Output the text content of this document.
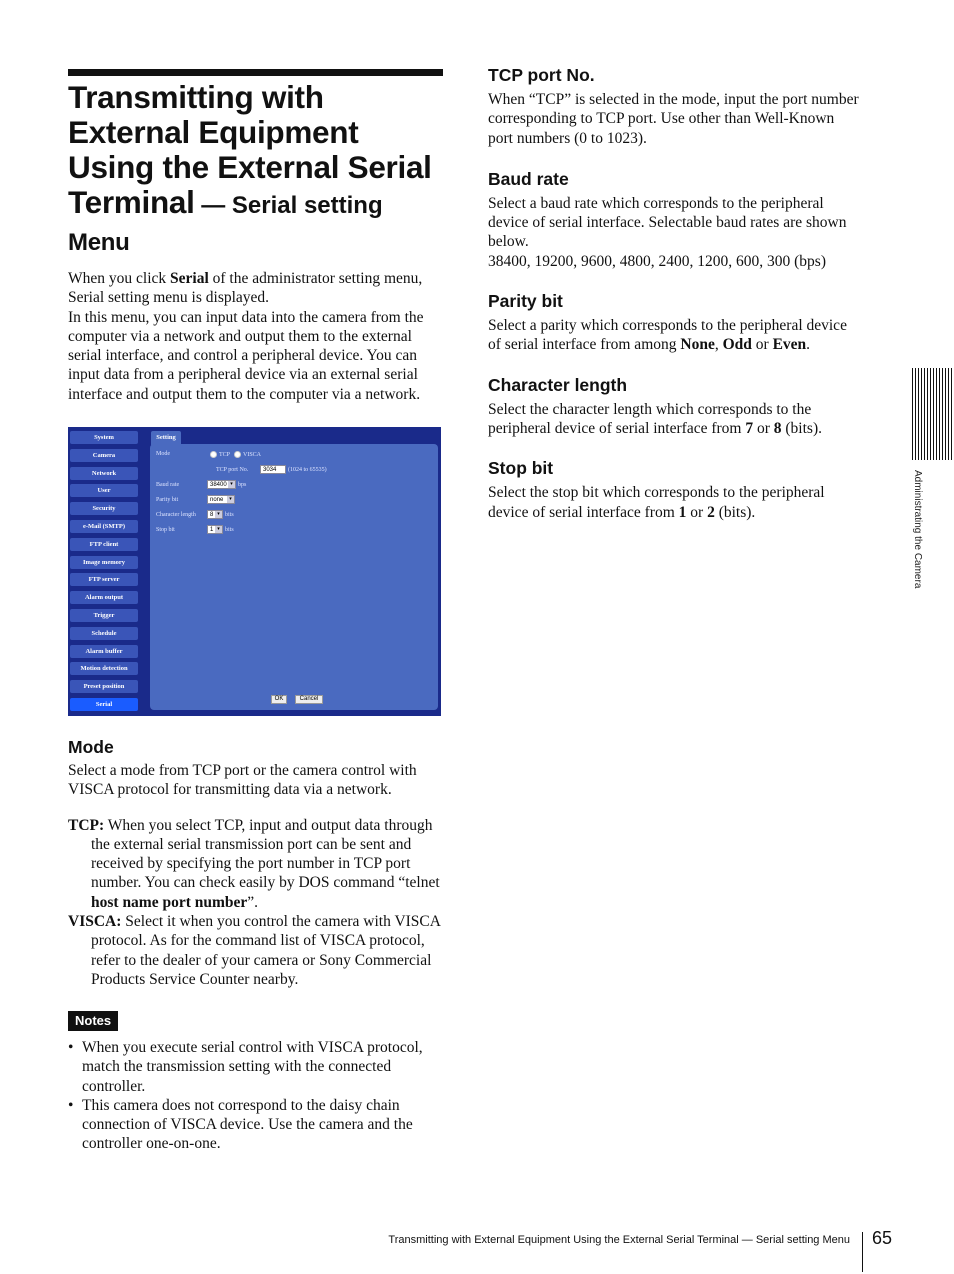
Transmitting with
External Equipment
Using the External Serial
Terminal — Serial setting
Menu

When you click Serial of the administrator setting menu, Serial setting menu is displayed.

In this menu, you can input data into the camera from the computer via a network and output them to the external serial interface, and control a peripheral device. You can input data from a peripheral device via an external serial interface and output them to the computer via a network.

System
Camera
Network
User
Security
e-Mail (SMTP)
FTP client
Image memory
FTP server
Alarm output
Trigger
Schedule
Alarm buffer
Motion detection
Preset position
Serial
Setting
Mode	TCP	VISCA
TCP port No.	3034	(1024 to 65535)
Baud rate	38400 ▾ bps
Parity bit	none	▾
Character length	8 ▾ bits
Stop bit	1 ▾ bits
OK	Cancel
Mode

Select a mode from TCP port or the camera control with VISCA protocol for transmitting data via a network.

TCP: When you select TCP, input and output data through the external serial transmission port can be sent and received by specifying the port number in TCP port number. You can check easily by DOS command “telnet host name port number”.

VISCA: Select it when you control the camera with VISCA protocol. As for the command list of VISCA protocol, refer to the dealer of your camera or Sony Commercial Products Service Counter nearby.

Notes
• When you execute serial control with VISCA protocol, match the transmission setting with the connected controller.
• This camera does not correspond to the daisy chain connection of VISCA device. Use the camera and the controller one-on-one.
TCP port No.

When “TCP” is selected in the mode, input the port number corresponding to TCP port. Use other than Well-Known port numbers (0 to 1023).

Baud rate

Select a baud rate which corresponds to the peripheral device of serial interface. Selectable baud rates are shown below.

38400, 19200, 9600, 4800, 2400, 1200, 600, 300 (bps)

Parity bit

Select a parity which corresponds to the peripheral device of serial interface from among None, Odd or Even.

Character length

Select the character length which corresponds to the peripheral device of serial interface from 7 or 8 (bits).

Stop bit

Select the stop bit which corresponds to the peripheral device of serial interface from 1 or 2 (bits).	Administrating the Camera
Transmitting with External Equipment Using the External Serial Terminal — Serial setting Menu 65
